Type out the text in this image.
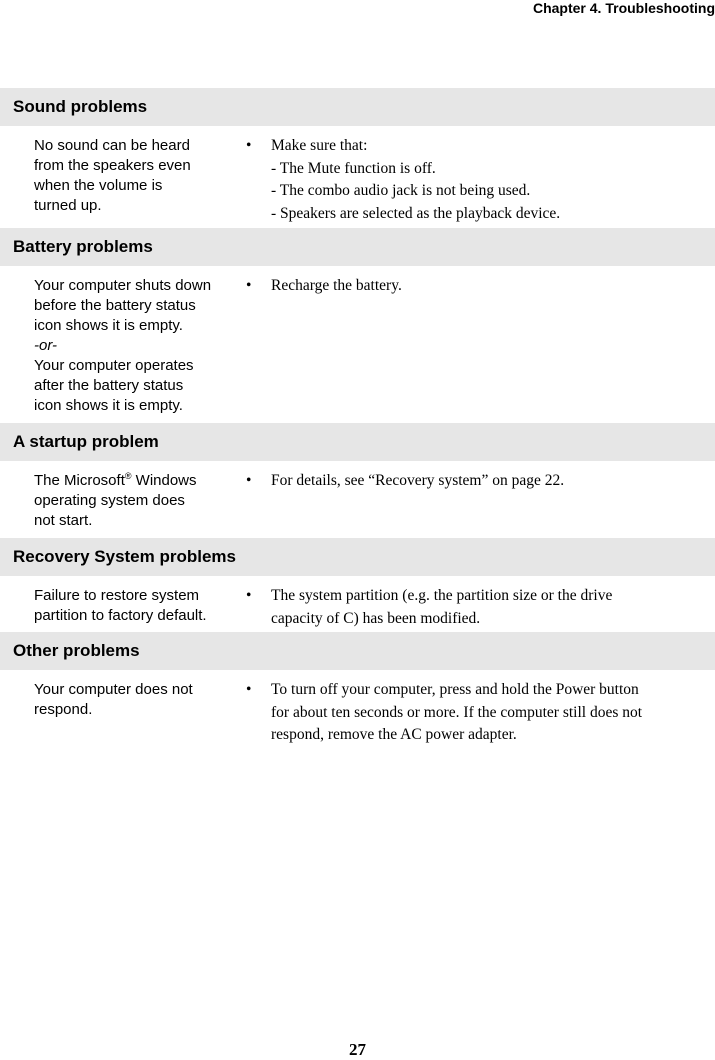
Chapter 4. Troubleshooting
Sound problems
No sound can be heard
from the speakers even
when the volume is
turned up.
• Make sure that:
- The Mute function is off.
- The combo audio jack is not being used.
- Speakers are selected as the playback device.
Battery problems
Your computer shuts down
before the battery status
icon shows it is empty.
-or-
Your computer operates
after the battery status
icon shows it is empty.
• Recharge the battery.
A startup problem
The Microsoft® Windows
operating system does
not start.
• For details, see “Recovery system” on page 22.
Recovery System problems
Failure to restore system
partition to factory default.
• The system partition (e.g. the partition size or the drive
capacity of C) has been modified.
Other problems
Your computer does not
respond.
• To turn off your computer, press and hold the Power button
for about ten seconds or more. If the computer still does not
respond, remove the AC power adapter.
27
